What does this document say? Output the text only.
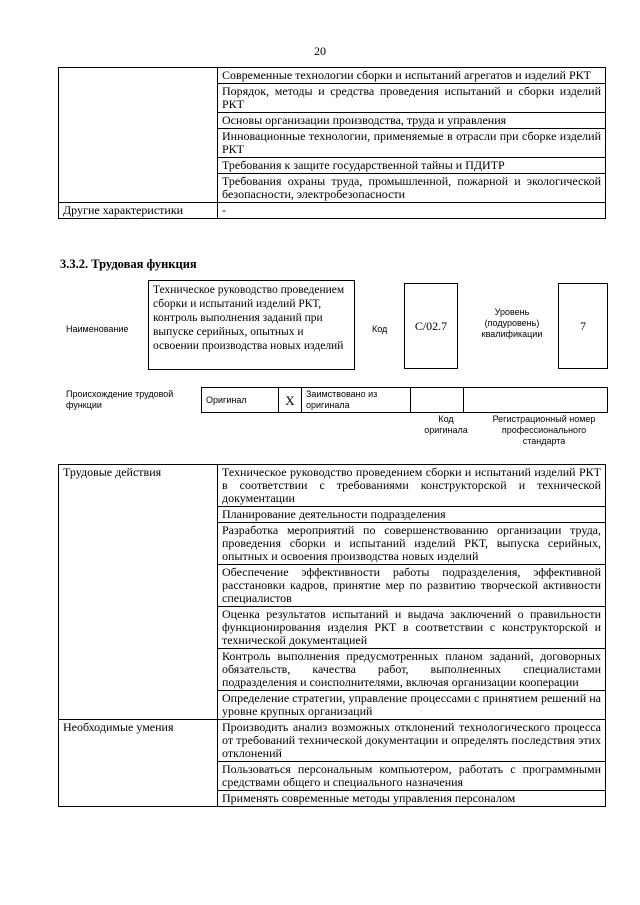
20
	Современные технологии сборки и испытаний агрегатов и изделий РКТ
	Порядок, методы и средства проведения испытаний и сборки изделий РКТ
	Основы организации производства, труда и управления
	Инновационные технологии, применяемые в отрасли при сборке изделий РКТ
	Требования к защите государственной тайны и ПДИТР
	Требования охраны труда, промышленной, пожарной и экологической безопасности, электробезопасности
Другие характеристики	-
3.3.2. Трудовая функция
Наименование
Техническое руководство проведением сборки и испытаний изделий РКТ, контроль выполнения заданий при выпуске серийных, опытных и освоении производства новых изделий
Код	С/02.7
Уровень (подуровень) квалификации
7
Происхождение трудовой функции
Оригинал	X	Заимствовано из оригинала		
Код оригинала
Регистрационный номер профессионального стандарта
Трудовые действия	Техническое руководство проведением сборки и испытаний изделий РКТ в соответствии с требованиями конструкторской и технической документации
	Планирование деятельности подразделения
	Разработка мероприятий по совершенствованию организации труда, проведения сборки и испытаний изделий РКТ, выпуска серийных, опытных и освоения производства новых изделий
	Обеспечение эффективности работы подразделения, эффективной расстановки кадров, принятие мер по развитию творческой активности специалистов
	Оценка результатов испытаний и выдача заключений о правильности функционирования изделия РКТ в соответствии с конструкторской и технической документацией
	Контроль выполнения предусмотренных планом заданий, договорных обязательств, качества работ, выполненных специалистами подразделения и соисполнителями, включая организации кооперации
	Определение стратегии, управление процессами с принятием решений на уровне крупных организаций
Необходимые умения	Производить анализ возможных отклонений технологического процесса от требований технической документации и определять последствия этих отклонений
	Пользоваться персональным компьютером, работать с программными средствами общего и специального назначения
	Применять современные методы управления персоналом
